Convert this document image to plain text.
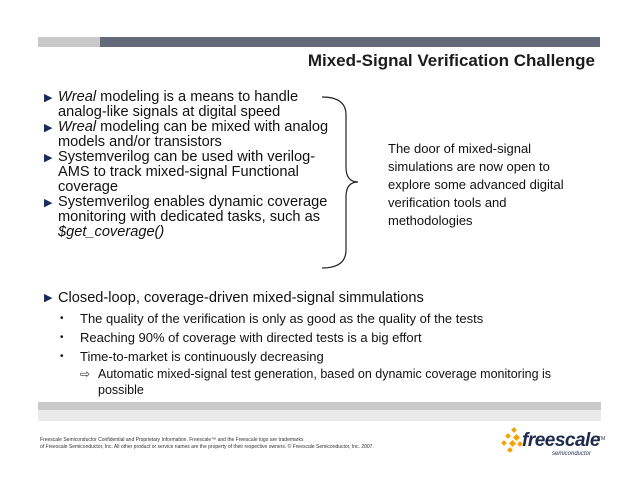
Mixed-Signal Verification Challenge
▶ Wreal modeling is a means to handle analog-like signals at digital speed
▶ Wreal modeling can be mixed with analog models and/or transistors
▶ Systemverilog can be used with verilog-AMS to track mixed-signal Functional coverage
▶ Systemverilog enables dynamic coverage monitoring with dedicated tasks, such as $get_coverage()
The door of mixed-signal simulations are now open to explore some advanced digital verification tools and methodologies
▶ Closed-loop, coverage-driven mixed-signal simmulations
•	The quality of the verification is only as good as the quality of the tests
•	Reaching 90% of coverage with directed tests is a big effort
•	Time-to-market is continuously decreasing
⇨ Automatic mixed-signal test generation, based on dynamic coverage monitoring is possible
Freescale Semiconductor Confidential and Proprietary Information. Freescale™ and the Freescale logo are trademarks
of Freescale Semiconductor, Inc. All other product or service names are the property of their respective owners. © Freescale Semiconductor, Inc. 2007.	freescale
TM
semiconductor
